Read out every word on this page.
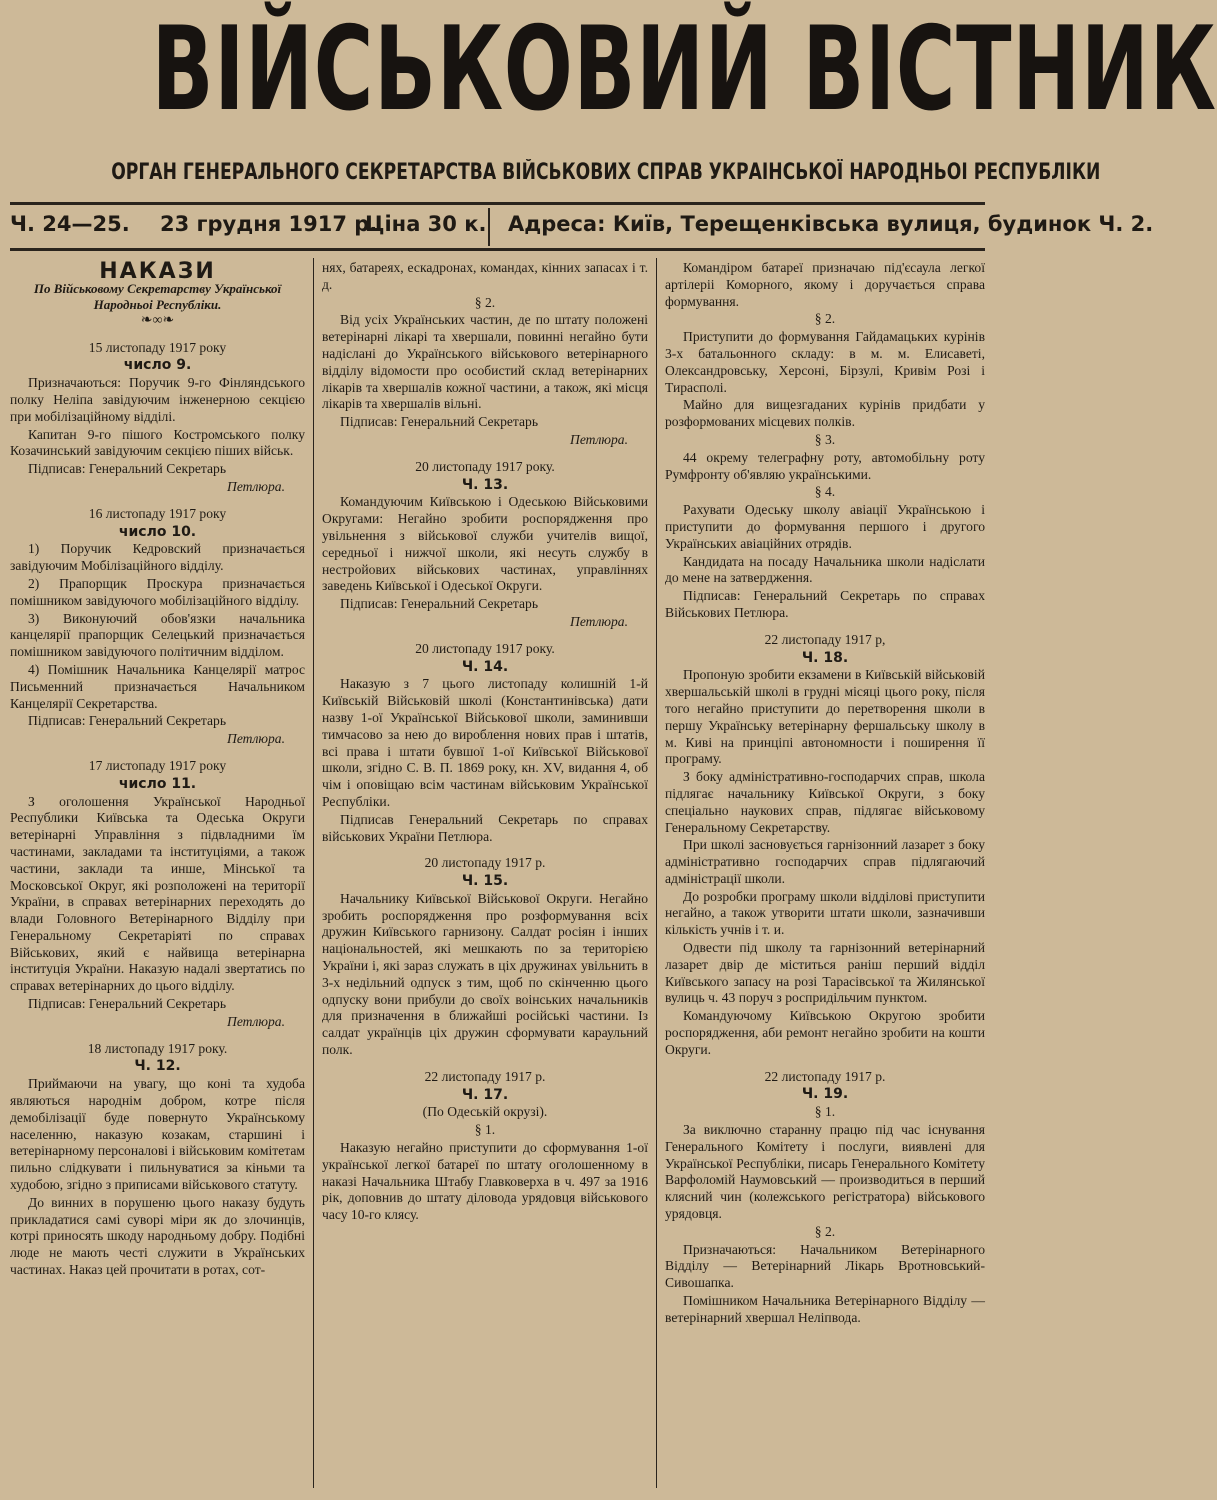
ВІЙСЬКОВИЙ ВІСТНИК
ОРГАН ГЕНЕРАЛЬНОГО СЕКРЕТАРСТВА ВІЙСЬКОВИХ СПРАВ УКРАІНСЬКОЇ НАРОДНЬОІ РЕСПУБЛІКИ
Ч. 24—25. 23 грудня 1917 р.
Ціна 30 к. Адреса: Київ, Терещенківська вулиця, будинок Ч. 2.
НАКАЗИ
По Військовому Секретарству Української Народньоі Республіки.
❧∞❧

15 листопаду 1917 року

число 9.

Призначаються: Поручик 9-го Фінляндського полку Неліпа завідуючим інженерною секцією при мобілізаційному відділі.

Капитан 9-го пішого Костромського полку Козачинський завідуючим секцією піших військ.

Підписав: Генеральний Секретарь

Петлюра.

16 листопаду 1917 року

число 10.

1) Поручик Кедровский призначається завідуючим Мобілізаційного відділу.

2) Прапорщик Проскура призначається помішником завідуючого мобілізаційного відділу.

3) Виконуючий обов'язки начальника канцелярії прапорщик Селецький призначається помішником завідуючого політичним відділом.

4) Помішник Начальника Канцелярії матрос Письменний призначається Начальником Канцелярії Секретарства.

Підписав: Генеральний Секретарь

Петлюра.

17 листопаду 1917 року

число 11.

З оголошення Української Народньої Республики Київська та Одеська Округи ветерінарні Управління з підвладними їм частинами, закладами та інституціями, а також частини, заклади та инше, Мінської та Московської Округ, які розположені на території України, в справах ветерінарних переходять до влади Головного Ветерінарного Відділу при Генеральному Секретаріяті по справах Військових, який є найвища ветерінарна інституція України. Наказую надалі звертатись по справах ветерінарних до цього відділу.

Підписав: Генеральний Секретарь

Петлюра.

18 листопаду 1917 року.

Ч. 12.

Приймаючи на увагу, що коні та худоба являються народнім добром, котре після демобілізації буде повернуто Українському населенню, наказую козакам, старшині і ветерінарному персоналові і військовим комітетам пильно слідкувати і пильнуватися за кіньми та худобою, згідно з приписами військового статуту.

До винних в порушеню цього наказу будуть прикладатися самі суворі міри як до злочинців, котрі приносять шкоду народньому добру. Подібні люде не мають честі служити в Українських частинах. Наказ цей прочитати в ротах, сот-

нях, батареях, ескадронах, командах, кінних запасах і т. д.

§ 2.

Від усіх Українських частин, де по штату положені ветерінарні лікарі та хвершали, повинні негайно бути надіслані до Українського військового ветерінарного відділу відомости про особистий склад ветерінарних лікарів та хвершалів кожної частини, а також, які місця лікарів та хвершалів вільні.

Підписав: Генеральний Секретарь

Петлюра.

20 листопаду 1917 року.

Ч. 13.

Командуючим Київською і Одеською Військовими Округами: Негайно зробити роспорядження про увільнення з військової служби учителів вищої, середньої і нижчої школи, які несуть службу в нестройових військових частинах, управліннях заведень Київської і Одеської Округи.

Підписав: Генеральний Секретарь

Петлюра.

20 листопаду 1917 року.

Ч. 14.

Наказую з 7 цього листопаду колишній 1-й Київській Військовій школі (Константинівська) дати назву 1-ої Української Військової школи, заминивши тимчасово за нею до вироблення нових прав і штатів, всі права і штати бувшої 1-ої Київської Військової школи, згідно С. В. П. 1869 року, кн. XV, видання 4, об чім і оповіщаю всім частинам військовим Української Республіки.

Підписав Генеральний Секретарь по справах військових України Петлюра.

20 листопаду 1917 р.

Ч. 15.

Начальнику Київської Військової Округи. Негайно зробить роспорядження про розформування всіх дружин Київського гарнизону. Салдат росіян і інших національностей, які мешкають по за територією України і, які зараз служать в ціх дружинах увільнить в 3-х недільний одпуск з тим, щоб по скінченню цього одпуску вони прибули до своїх воінських начальників для призначення в ближайші російські частини. Із салдат українців ціх дружин сформувати караульний полк.

22 листопаду 1917 р.

Ч. 17.

(По Одеській окрузі).

§ 1.

Наказую негайно приступити до сформування 1-ої української легкої батареї по штату оголошенному в наказі Начальника Штабу Главковерха в ч. 497 за 1916 рік, доповнив до штату діловода урядовця військового часу 10-го клясу.

Командіром батареї призначаю під'єсаула легкої артілеріі Коморного, якому і доручається справа формування.

§ 2.

Приступити до формування Гайдамацьких курінів 3-х батальонного складу: в м. м. Елисаветі, Олександровську, Херсоні, Бірзулі, Кривім Розі і Тирасполі.

Майно для вищезгаданих курінів придбати у розформованих місцевих полків.

§ 3.

44 окрему телеграфну роту, автомобільну роту Румфронту об'являю українськими.

§ 4.

Рахувати Одеську школу авіації Українською і приступити до формування першого і другого Українських авіаційних отрядів.

Кандидата на посаду Начальника школи надіслати до мене на затвердження.

Підписав: Генеральний Секретарь по справах Військових Петлюра.

22 листопаду 1917 р,

Ч. 18.

Пропоную зробити екзамени в Київській військовій хвершальській школі в грудні місяці цього року, після того негайно приступити до перетворення школи в першу Українську ветерінарну фершальську школу в м. Киві на принціпі автономности і поширення її програму.

З боку адміністративно-господарчих справ, школа підлягає начальнику Київської Округи, з боку спеціально наукових справ, підлягає військовому Генеральному Секретарству.

При школі засновується гарнізонний лазарет з боку адміністративно господарчих справ підлягаючий адміністрації школи.

До розробки програму школи відділові приступити негайно, а також утворити штати школи, зазначивши кількість учнів і т. и.

Одвести під школу та гарнізонний ветерінарний лазарет двір де міститься раніш перший відділ Київського запасу на розі Тарасівської та Жилянської вулиць ч. 43 поруч з роспридільчим пунктом.

Командуючому Київською Округою зробити роспорядження, аби ремонт негайно зробити на кошти Округи.

22 листопаду 1917 р.

Ч. 19.

§ 1.

За виключно старанну працю під час існування Генерального Комітету і послуги, виявлені для Української Республіки, писарь Генерального Комітету Варфоломій Наумовський — производиться в перший клясний чин (колежського регістратора) військового урядовця.

§ 2.

Призначаються: Начальником Ветерінарного Відділу — Ветерінарний Лікарь Вротновський-Сивошапка.

Помішником Начальника Ветерінарного Відділу — ветерінарний хвершал Неліпвода.
